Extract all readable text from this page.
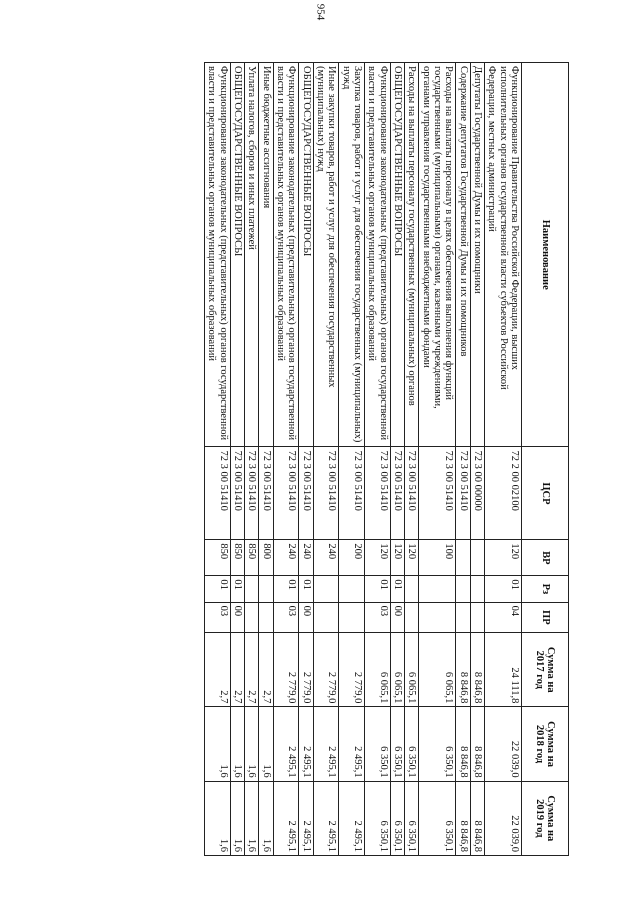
954
Наименование	ЦСР	ВР	Рз	ПР	Сумма на 2017 год	Сумма на 2018 год	Сумма на 2019 год
Функционирование Правительства Российской Федерации, высших исполнительных органов государственной власти субъектов Российской Федерации, местных администраций	72 2 00 02100	120	01	04	24 111,8	22 039,0	22 039,0
Депутаты Государственной Думы и их помощники	72 3 00 00000				8 846,8	8 846,8	8 846,8
Содержание депутатов Государственной Думы и их помощников	72 3 00 51410				8 846,8	8 846,8	8 846,8
Расходы на выплаты персоналу в целях обеспечения выполнения функций государственными (муниципальными) органами, казенными учреждениями, органами управления государственными внебюджетными фондами	72 3 00 51410	100			6 065,1	6 350,1	6 350,1
Расходы на выплаты персоналу государственных (муниципальных) органов	72 3 00 51410	120			6 065,1	6 350,1	6 350,1
ОБЩЕГОСУДАРСТВЕННЫЕ ВОПРОСЫ	72 3 00 51410	120	01	00	6 065,1	6 350,1	6 350,1
Функционирование законодательных (представительных) органов государственной власти и представительных органов муниципальных образований	72 3 00 51410	120	01	03	6 065,1	6 350,1	6 350,1
Закупка товаров, работ и услуг для обеспечения государственных (муниципальных) нужд	72 3 00 51410	200			2 779,0	2 495,1	2 495,1
Иные закупки товаров, работ и услуг для обеспечения государственных (муниципальных) нужд	72 3 00 51410	240			2 779,0	2 495,1	2 495,1
ОБЩЕГОСУДАРСТВЕННЫЕ ВОПРОСЫ	72 3 00 51410	240	01	00	2 779,0	2 495,1	2 495,1
Функционирование законодательных (представительных) органов государственной власти и представительных органов муниципальных образований	72 3 00 51410	240	01	03	2 779,0	2 495,1	2 495,1
Иные бюджетные ассигнования	72 3 00 51410	800			2,7	1,6	1,6
Уплата налогов, сборов и иных платежей	72 3 00 51410	850			2,7	1,6	1,6
ОБЩЕГОСУДАРСТВЕННЫЕ ВОПРОСЫ	72 3 00 51410	850	01	00	2,7	1,6	1,6
Функционирование законодательных (представительных) органов государственной власти и представительных органов муниципальных образований	72 3 00 51410	850	01	03	2,7	1,6	1,6
